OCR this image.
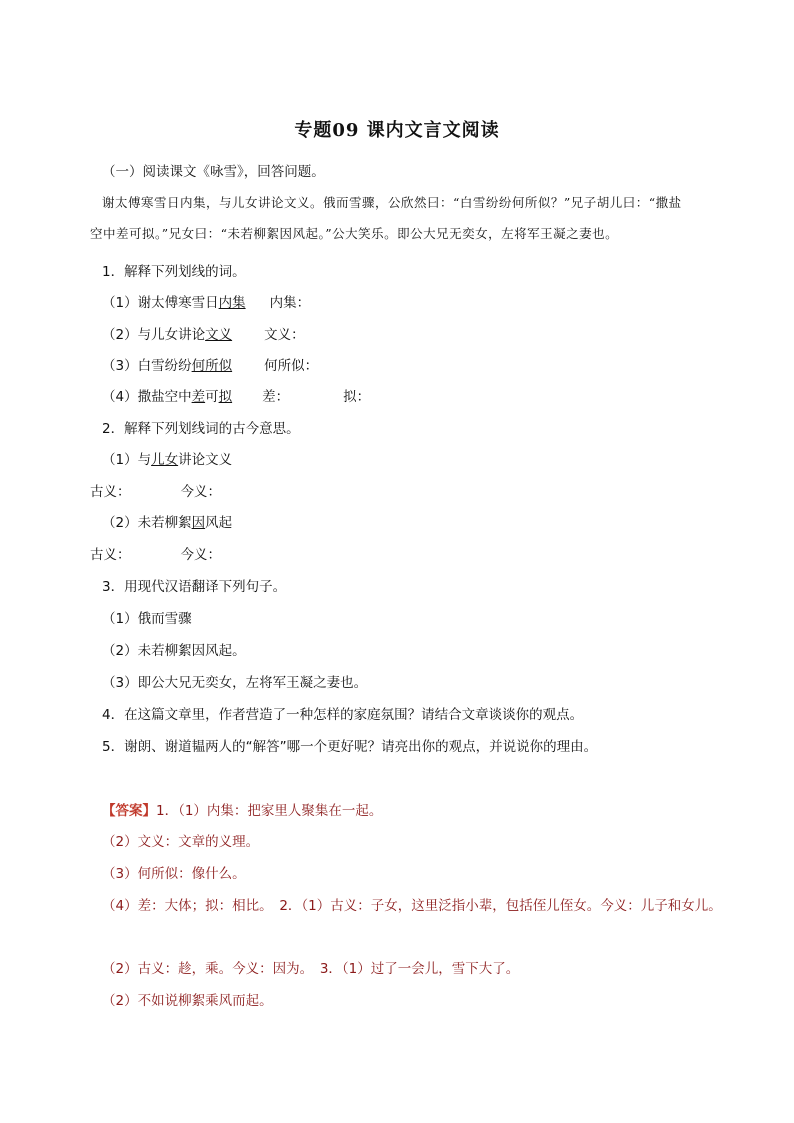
专题09 课内文言文阅读
（一）阅读课文《咏雪》，回答问题。
谢太傅寒雪日内集，与儿女讲论文义。俄而雪骤，公欣然曰：“白雪纷纷何所似？”兄子胡儿曰：“撒盐
空中差可拟。”兄女曰：“未若柳絮因风起。”公大笑乐。即公大兄无奕女，左将军王凝之妻也。
1．解释下列划线的词。
（1）谢太傅寒雪日内集 内集：
（2）与儿女讲论文义 文义：
（3）白雪纷纷何所似 何所似：
（4）撒盐空中差可拟 差：	拟：
2．解释下列划线词的古今意思。
（1）与儿女讲论文义
古义：	今义：
（2）未若柳絮因风起
古义：	今义：
3．用现代汉语翻译下列句子。
（1）俄而雪骤
（2）未若柳絮因风起。
（3）即公大兄无奕女，左将军王凝之妻也。
4．在这篇文章里，作者营造了一种怎样的家庭氛围？请结合文章谈谈你的观点。
5．谢朗、谢道韫两人的“解答”哪一个更好呢？请亮出你的观点，并说说你的理由。
【答案】1．（1）内集：把家里人聚集在一起。
（2）文义：文章的义理。
（3）何所似：像什么。
（4）差：大体；拟：相比。　2．（1）古义：子女，这里泛指小辈，包括侄儿侄女。今义：儿子和女儿。
（2）古义：趁，乘。今义：因为。　3．（1）过了一会儿，雪下大了。
（2）不如说柳絮乘风而起。
